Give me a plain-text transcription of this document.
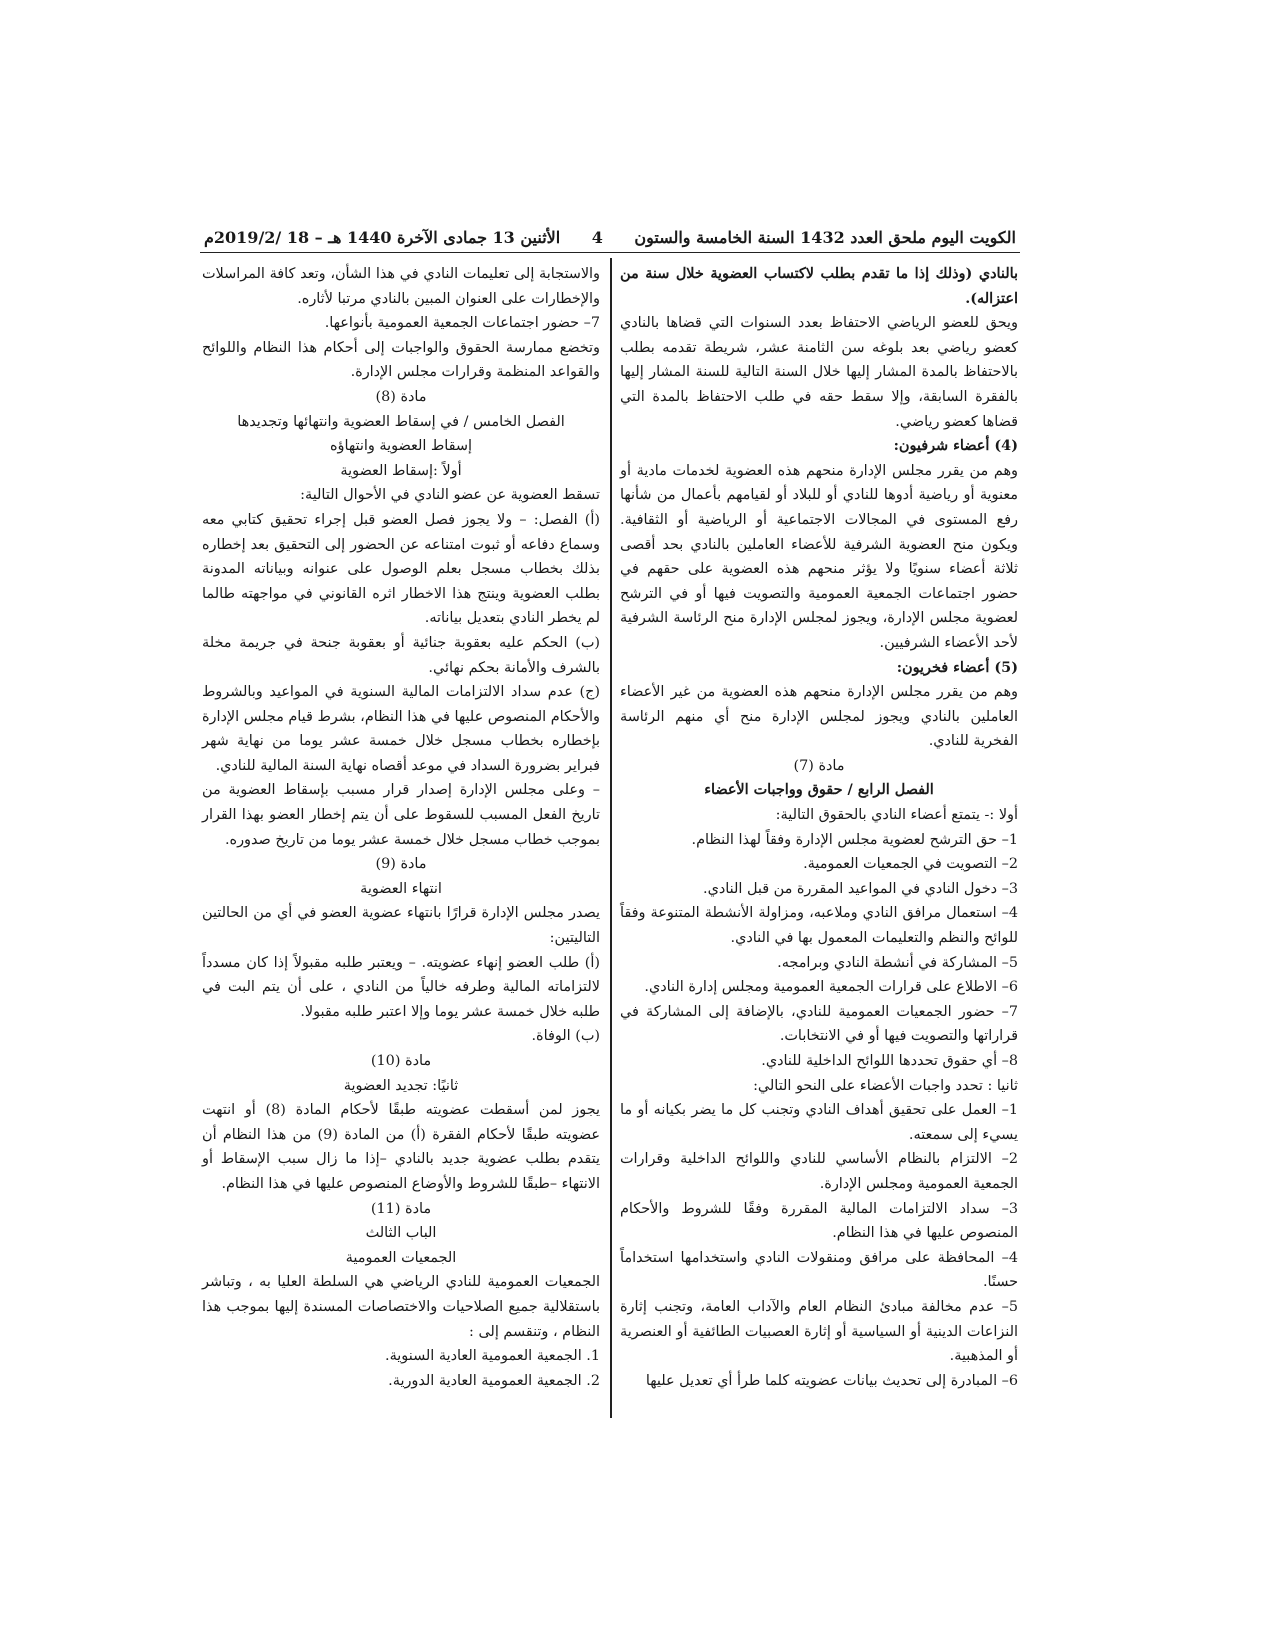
الكويت اليوم ملحق العدد 1432 السنة الخامسة والستون
4
الأثنين 13 جمادى الآخرة 1440 هـ – 18 /2019/2م

بالنادي (وذلك إذا ما تقدم بطلب لاكتساب العضوية خلال سنة من اعتزاله).

ويحق للعضو الرياضي الاحتفاظ بعدد السنوات التي قضاها بالنادي كعضو رياضي بعد بلوغه سن الثامنة عشر، شريطة تقدمه بطلب بالاحتفاظ بالمدة المشار إليها خلال السنة التالية للسنة المشار إليها بالفقرة السابقة، وإلا سقط حقه في طلب الاحتفاظ بالمدة التي قضاها كعضو رياضي.

(4) أعضاء شرفيون:

وهم من يقرر مجلس الإدارة منحهم هذه العضوية لخدمات مادية أو معنوية أو رياضية أدوها للنادي أو للبلاد أو لقيامهم بأعمال من شأنها رفع المستوى في المجالات الاجتماعية أو الرياضية أو الثقافية. ويكون منح العضوية الشرفية للأعضاء العاملين بالنادي بحد أقصى ثلاثة أعضاء سنويًا ولا يؤثر منحهم هذه العضوية على حقهم في حضور اجتماعات الجمعية العمومية والتصويت فيها أو في الترشح لعضوية مجلس الإدارة، ويجوز لمجلس الإدارة منح الرئاسة الشرفية لأحد الأعضاء الشرفيين.

(5) أعضاء فخريون:

وهم من يقرر مجلس الإدارة منحهم هذه العضوية من غير الأعضاء العاملين بالنادي ويجوز لمجلس الإدارة منح أي منهم الرئاسة الفخرية للنادي.

مادة (7)

الفصل الرابع / حقوق وواجبات الأعضاء

أولا :- يتمتع أعضاء النادي بالحقوق التالية:

1– حق الترشح لعضوية مجلس الإدارة وفقاً لهذا النظام.

2– التصويت في الجمعيات العمومية.

3– دخول النادي في المواعيد المقررة من قبل النادي.

4– استعمال مرافق النادي وملاعبه، ومزاولة الأنشطة المتنوعة وفقاً للوائح والنظم والتعليمات المعمول بها في النادي.

5– المشاركة في أنشطة النادي وبرامجه.

6– الاطلاع على قرارات الجمعية العمومية ومجلس إدارة النادي.

7– حضور الجمعيات العمومية للنادي، بالإضافة إلى المشاركة في قراراتها والتصويت فيها أو في الانتخابات.

8– أي حقوق تحددها اللوائح الداخلية للنادي.

ثانيا : تحدد واجبات الأعضاء على النحو التالي:

1– العمل على تحقيق أهداف النادي وتجنب كل ما يضر بكيانه أو ما يسيء إلى سمعته.

2– الالتزام بالنظام الأساسي للنادي واللوائح الداخلية وقرارات الجمعية العمومية ومجلس الإدارة.

3– سداد الالتزامات المالية المقررة وفقًا للشروط والأحكام المنصوص عليها في هذا النظام.

4– المحافظة على مرافق ومنقولات النادي واستخدامها استخداماً حسنًا.

5– عدم مخالفة مبادئ النظام العام والآداب العامة، وتجنب إثارة النزاعات الدينية أو السياسية أو إثارة العصبيات الطائفية أو العنصرية أو المذهبية.

6– المبادرة إلى تحديث بيانات عضويته كلما طرأ أي تعديل عليها

والاستجابة إلى تعليمات النادي في هذا الشأن، وتعد كافة المراسلات والإخطارات على العنوان المبين بالنادي مرتبا لأثاره.

7– حضور اجتماعات الجمعية العمومية بأنواعها.

وتخضع ممارسة الحقوق والواجبات إلى أحكام هذا النظام واللوائح والقواعد المنظمة وقرارات مجلس الإدارة.

مادة (8)

الفصل الخامس / في إسقاط العضوية وانتهائها وتجديدها

إسقاط العضوية وانتهاؤه

أولاً :إسقاط العضوية

تسقط العضوية عن عضو النادي في الأحوال التالية:

(أ) الفصل: – ولا يجوز فصل العضو قبل إجراء تحقيق كتابي معه وسماع دفاعه أو ثبوت امتناعه عن الحضور إلى التحقيق بعد إخطاره بذلك بخطاب مسجل بعلم الوصول على عنوانه وبياناته المدونة بطلب العضوية وينتج هذا الاخطار اثره القانوني في مواجهته طالما لم يخطر النادي بتعديل بياناته.

(ب) الحكم عليه بعقوبة جنائية أو بعقوبة جنحة في جريمة مخلة بالشرف والأمانة بحكم نهائي.

(ج) عدم سداد الالتزامات المالية السنوية في المواعيد وبالشروط والأحكام المنصوص عليها في هذا النظام، بشرط قيام مجلس الإدارة بإخطاره بخطاب مسجل خلال خمسة عشر يوما من نهاية شهر فبراير بضرورة السداد في موعد أقصاه نهاية السنة المالية للنادي.

– وعلى مجلس الإدارة إصدار قرار مسبب بإسقاط العضوية من تاريخ الفعل المسبب للسقوط على أن يتم إخطار العضو بهذا القرار بموجب خطاب مسجل خلال خمسة عشر يوما من تاريخ صدوره.

مادة (9)

انتهاء العضوية

يصدر مجلس الإدارة قرارًا بانتهاء عضوية العضو في أي من الحالتين التاليتين:

(أ) طلب العضو إنهاء عضويته. – ويعتبر طلبه مقبولاً إذا كان مسدداً لالتزاماته المالية وطرفه خالياً من النادي ، على أن يتم البت في طلبه خلال خمسة عشر يوما وإلا اعتبر طلبه مقبولا.

(ب) الوفاة.

مادة (10)

ثانيًا: تجديد العضوية

يجوز لمن أسقطت عضويته طبقًا لأحكام المادة (8) أو انتهت عضويته طبقًا لأحكام الفقرة (أ) من المادة (9) من هذا النظام أن يتقدم بطلب عضوية جديد بالنادي –إذا ما زال سبب الإسقاط أو الانتهاء –طبقًا للشروط والأوضاع المنصوص عليها في هذا النظام.

مادة (11)

الباب الثالث

الجمعيات العمومية

الجمعيات العمومية للنادي الرياضي هي السلطة العليا به ، وتباشر باستقلالية جميع الصلاحيات والاختصاصات المسندة إليها بموجب هذا النظام ، وتنقسم إلى :

1. الجمعية العمومية العادية السنوية.

2. الجمعية العمومية العادية الدورية.
